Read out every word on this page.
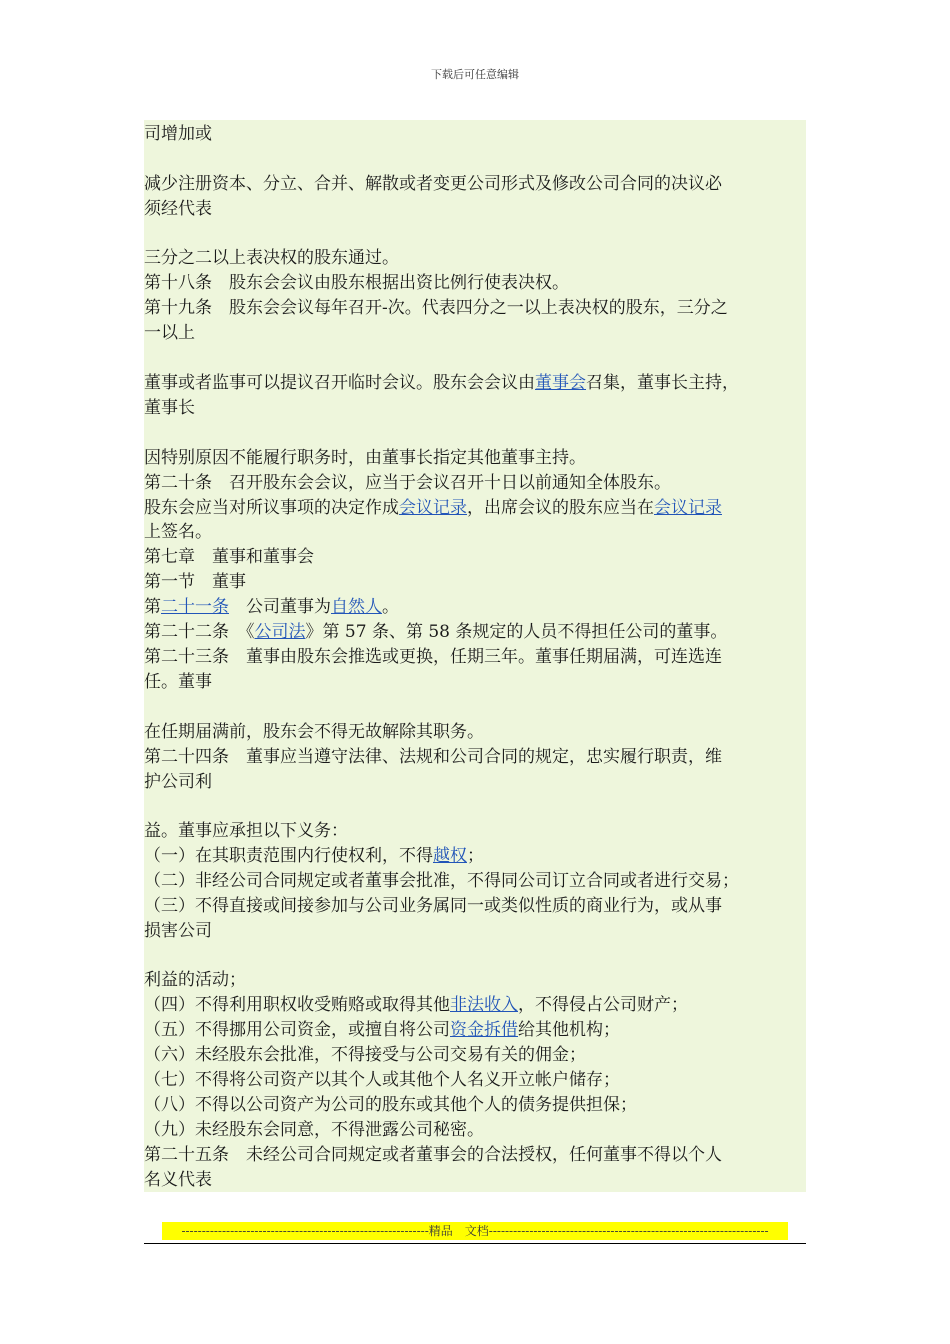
下载后可任意编辑
司增加或
减少注册资本、分立、合并、解散或者变更公司形式及修改公司合同的决议必
须经代表
三分之二以上表决权的股东通过。
第十八条　股东会会议由股东根据出资比例行使表决权。
第十九条　股东会会议每年召开-次。代表四分之一以上表决权的股东，三分之
一以上
董事或者监事可以提议召开临时会议。股东会会议由董事会召集，董事长主持，
董事长
因特别原因不能履行职务时，由董事长指定其他董事主持。
第二十条　召开股东会会议，应当于会议召开十日以前通知全体股东。
股东会应当对所议事项的决定作成会议记录，出席会议的股东应当在会议记录
上签名。
第七章　董事和董事会
第一节　董事
第二十一条　公司董事为自然人。
第二十二条　《公司法》第 57 条、第 58 条规定的人员不得担任公司的董事。
第二十三条　董事由股东会推选或更换，任期三年。董事任期届满，可连选连
任。董事
在任期届满前，股东会不得无故解除其职务。
第二十四条　董事应当遵守法律、法规和公司合同的规定，忠实履行职责，维
护公司利
益。董事应承担以下义务：
（一）在其职责范围内行使权利，不得越权；
（二）非经公司合同规定或者董事会批准，不得同公司订立合同或者进行交易；
（三）不得直接或间接参加与公司业务属同一或类似性质的商业行为，或从事
损害公司
利益的活动；
（四）不得利用职权收受贿赂或取得其他非法收入，不得侵占公司财产；
（五）不得挪用公司资金，或擅自将公司资金拆借给其他机构；
（六）未经股东会批准，不得接受与公司交易有关的佣金；
（七）不得将公司资产以其个人或其他个人名义开立帐户储存；
（八）不得以公司资产为公司的股东或其他个人的债务提供担保；
（九）未经股东会同意，不得泄露公司秘密。
第二十五条　未经公司合同规定或者董事会的合法授权，任何董事不得以个人
名义代表
-------------------------------------------------------------精品　文档---------------------------------------------------------------------
